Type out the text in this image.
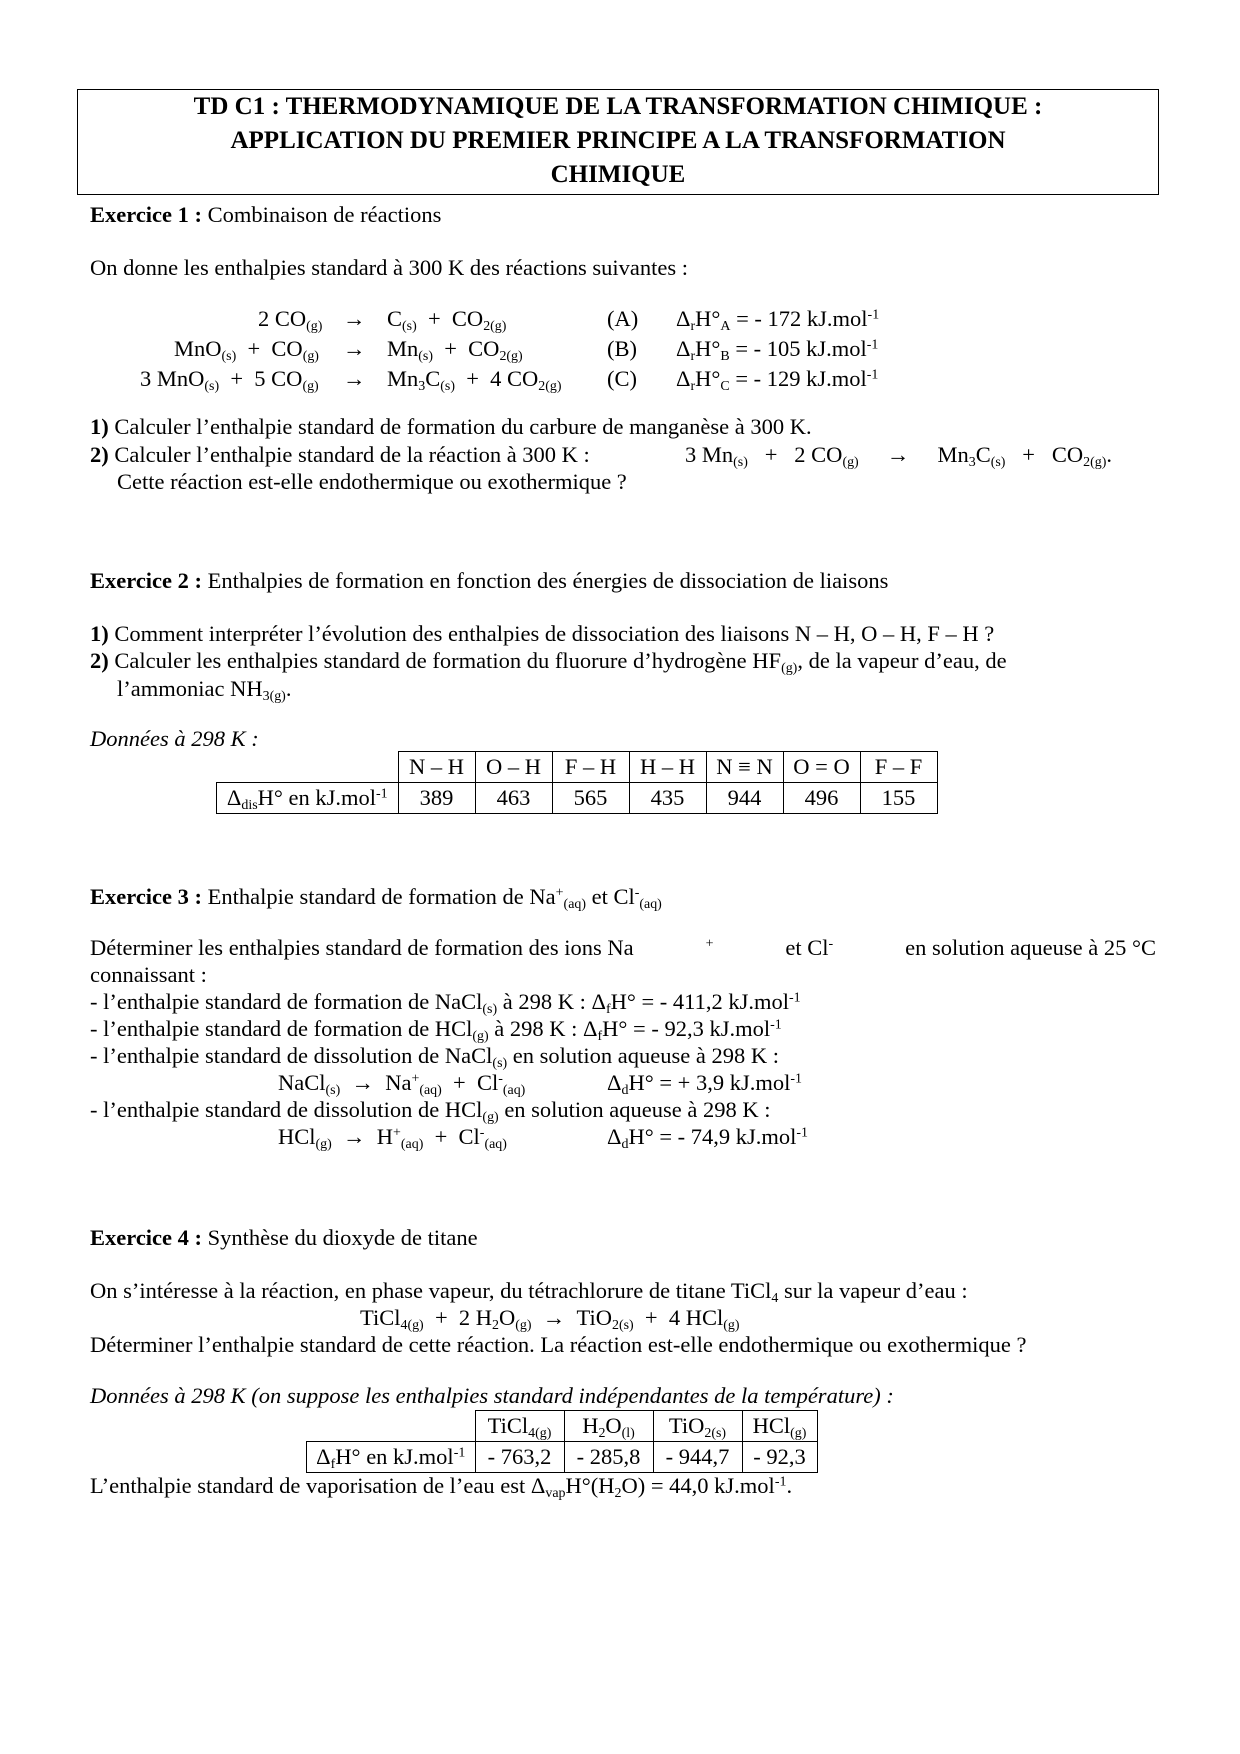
TD C1 : THERMODYNAMIQUE DE LA TRANSFORMATION CHIMIQUE :
APPLICATION DU PREMIER PRINCIPE A LA TRANSFORMATION
CHIMIQUE
Exercice 1 : Combinaison de réactions
On donne les enthalpies standard à 300 K des réactions suivantes :
2 $CO_{(g)} \to C_{(s)} + CO_{2(g)}$	(A) $\Delta_rH^\circ_A$ = - 172 kJ.mol$^{-1}$
$MnO_{(s)} + CO_{(g)} \to Mn_{(s)} + CO_{2(g)}$	(B) $\Delta_rH^\circ_B$ = - 105 kJ.mol$^{-1}$
3 MnO$_{(s)}$  +  5 $CO_{(g)} \to Mn_3C_{(s)} + 4$ $CO_{2(g)}$ (C) $\Delta_rH^\circ_C$ = - 129 kJ.mol$^{-1}$
1) Calculer l’enthalpie standard de formation du carbure de manganèse à 300 K.
2) Calculer l’enthalpie standard de la réaction à 300 K :	3 $Mn_{(s)} + 2$ $CO_{(g)}$     →     $Mn_3C_{(s)} + CO_{2(g)}$.
Cette réaction est-elle endothermique ou exothermique ?
Exercice 2 : Enthalpies de formation en fonction des énergies de dissociation de liaisons
1) Comment interpréter l’évolution des enthalpies de dissociation des liaisons N – H, O – H, F – H ?
2) Calculer les enthalpies standard de formation du fluorure d’hydrogène $HF_{(g)}$, de la vapeur d’eau, de
l’ammoniac $NH_{3(g)}$.
Données à 298 K :
	N – H	O – H	F – H	H – H	N ≡ N	O = O	F – F
$\Delta_{dis}H^\circ$ en kJ.mol$^{-1}$	389	463	565	435	944	496	155
Exercice 3 : Enthalpie standard de formation de $Na^+_{(aq)}$ et $Cl^-_{(aq)}$
Déterminer les enthalpies standard de formation des ions Na	+	et Cl-	en solution aqueuse à 25 °C
connaissant :
- l’enthalpie standard de formation de NaCl$_{(s)}$ à 298 K : $\Delta_fH^\circ$ = - 411,2 kJ.mol$^{-1}$
- l’enthalpie standard de formation de HCl$_{(g)}$ à 298 K : $\Delta_fH^\circ$ = - 92,3 kJ.mol$^{-1}$
- l’enthalpie standard de dissolution de NaCl$_{(s)}$ en solution aqueuse à 298 K :
NaCl$_{(s)}$  →  $Na^+_{(aq)} + Cl^-_{(aq)}$	$\Delta_dH^\circ$ = + 3,9 kJ.mol$^{-1}$
- l’enthalpie standard de dissolution de HCl$_{(g)}$ en solution aqueuse à 298 K :
$HCl_{(g)} \to H^+_{(aq)} + Cl^-_{(aq)}$	$\Delta_dH^\circ$ = - 74,9 kJ.mol$^{-1}$
Exercice 4 : Synthèse du dioxyde de titane
On s’intéresse à la réaction, en phase vapeur, du tétrachlorure de titane TiCl$_4$ sur la vapeur d’eau :
TiCl$_{4(g)}$  +  2 $H_2O_{(g)} \to TiO_{2(s)} + 4$ HCl$_{(g)}$
Déterminer l’enthalpie standard de cette réaction. La réaction est-elle endothermique ou exothermique ?
Données à 298 K (on suppose les enthalpies standard indépendantes de la température) :
	TiCl$_{4(g)}$	$H_2O_{(l)}$	TiO$_{2(s)}$	HCl$_{(g)}$
$\Delta_fH^\circ$ en kJ.mol$^{-1}$	- 763,2	- 285,8	- 944,7	- 92,3
L’enthalpie standard de vaporisation de l’eau est $\Delta_{vap}H^\circ(H_2O) = 44,0$ kJ.mol$^{-1}$.
